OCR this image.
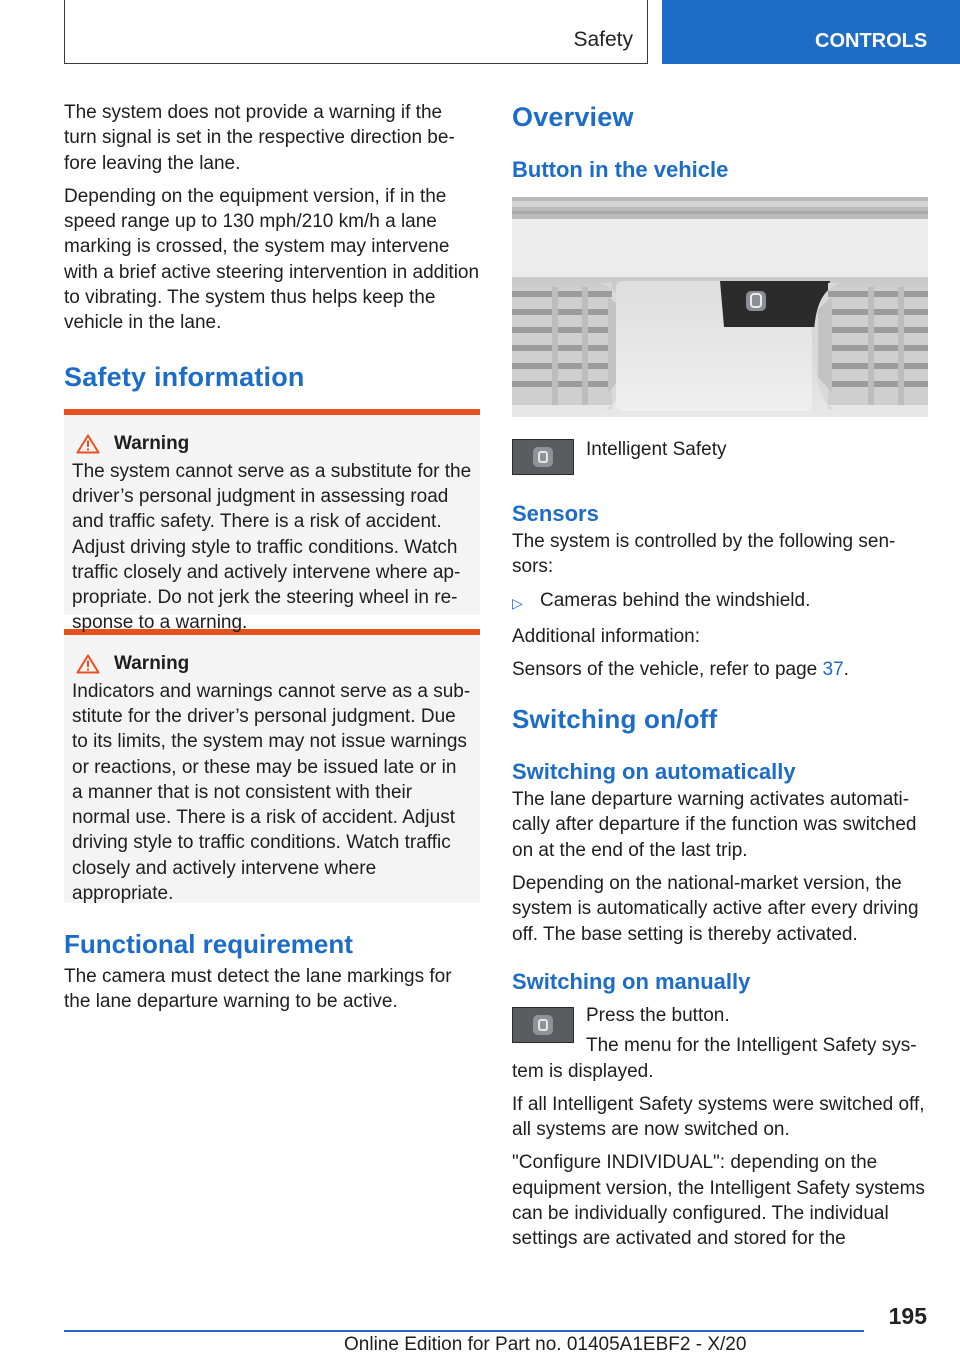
Safety	CONTROLS

The system does not provide a warning if the turn signal is set in the respective direction before leaving the lane.

Depending on the equipment version, if in the speed range up to 130 mph/210 km/h a lane marking is crossed, the system may intervene with a brief active steering intervention in addition to vibrating. The system thus helps keep the vehicle in the lane.

Safety information
Warning

The system cannot serve as a substitute for the driver’s personal judgment in assessing road and traffic safety. There is a risk of accident. Adjust driving style to traffic conditions. Watch traffic closely and actively intervene where appropriate. Do not jerk the steering wheel in response to a warning.

Warning

Indicators and warnings cannot serve as a substitute for the driver’s personal judgment. Due to its limits, the system may not issue warnings or reactions, or these may be issued late or in a manner that is not consistent with their normal use. There is a risk of accident. Adjust driving style to traffic conditions. Watch traffic closely and actively intervene where appropriate.

Functional requirement

The camera must detect the lane markings for the lane departure warning to be active.

Overview
Button in the vehicle

Intelligent Safety

Sensors

The system is controlled by the following sensors:

▷ Cameras behind the windshield.

Additional information:

Sensors of the vehicle, refer to page 37.

Switching on/off
Switching on automatically

The lane departure warning activates automatically after departure if the function was switched on at the end of the last trip.

Depending on the national-market version, the system is automatically active after every driving off. The base setting is thereby activated.

Switching on manually

Press the button.

The menu for the Intelligent Safety sys-

tem is displayed.

If all Intelligent Safety systems were switched off, all systems are now switched on.

"Configure INDIVIDUAL": depending on the equipment version, the Intelligent Safety systems can be individually configured. The individual settings are activated and stored for the

195
Online Edition for Part no. 01405A1EBF2 - X/20
